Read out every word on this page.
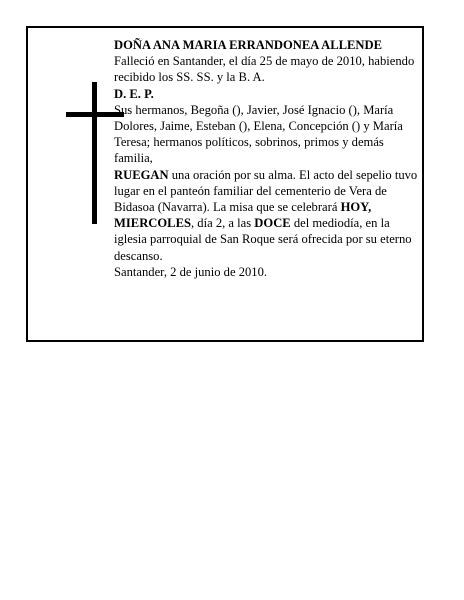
DOÑA ANA MARIA ERRANDONEA ALLENDE

Falleció en Santander, el día 25 de mayo de 2010, habiendo recibido los SS. SS. y la B. A.

D. E. P.

Sus hermanos, Begoña (), Javier, José Ignacio (), María Dolores, Jaime, Esteban (), Elena, Concepción () y María Teresa; hermanos políticos, sobrinos, primos y demás familia,

RUEGAN una oración por su alma. El acto del sepelio tuvo lugar en el panteón familiar del cementerio de Vera de Bidasoa (Navarra). La misa que se celebrará HOY, MIERCOLES, día 2, a las DOCE del mediodía, en la iglesia parroquial de San Roque será ofrecida por su eterno descanso.

Santander, 2 de junio de 2010.
